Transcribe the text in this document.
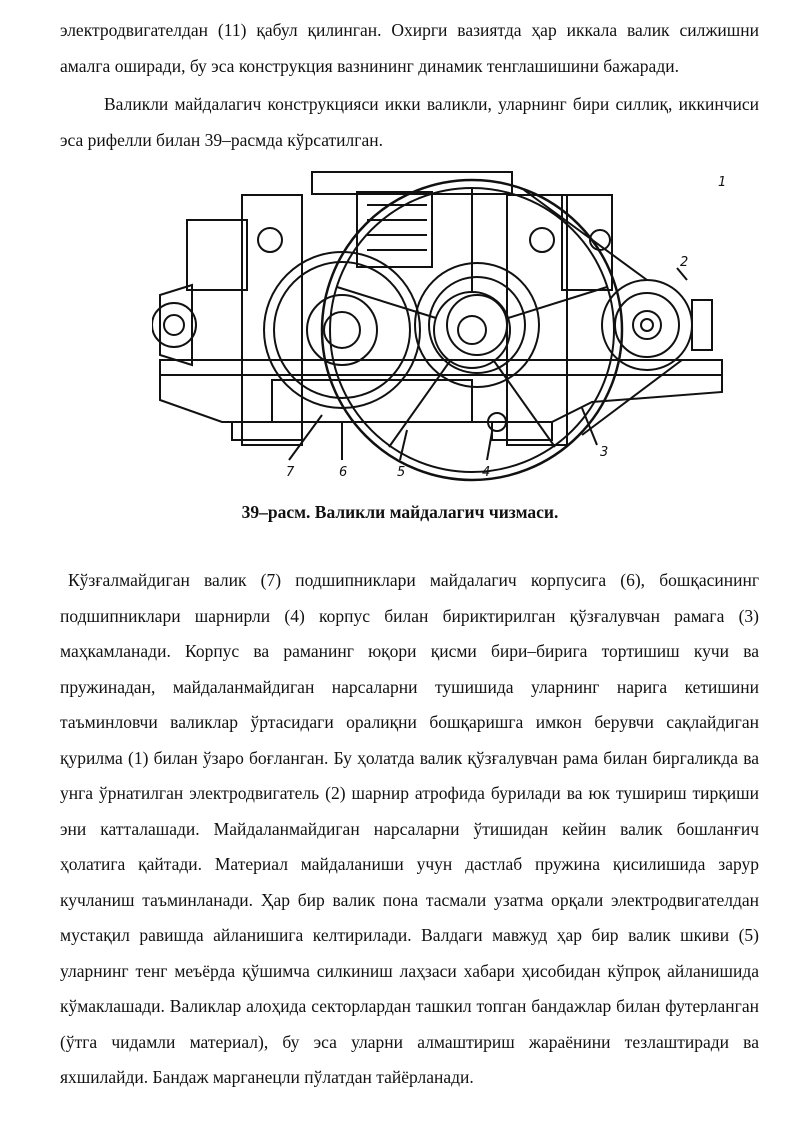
электродвигателдан (11) қабул қилинган. Охирги вазиятда ҳар иккала валик силжишни амалга оширади, бу эса конструкция вазнининг динамик тенглашишини бажаради.

Валикли майдалагич конструкцияси икки валикли, уларнинг бири силлиқ, иккинчиси эса рифелли билан 39–расмда кўрсатилган.

7	6	5	4
3
2
1
39–расм. Валикли майдалагич чизмаси.

Кўзғалмайдиган валик (7) подшипниклари майдалагич корпусига (6), бошқасининг подшипниклари шарнирли (4) корпус билан бириктирилган қўзғалувчан рамага (3) маҳкамланади. Корпус ва раманинг юқори қисми бири–бирига тортишиш кучи ва пружинадан, майдаланмайдиган нарсаларни тушишида уларнинг нарига кетишини таъминловчи валиклар ўртасидаги оралиқни бошқаришга имкон берувчи сақлайдиган қурилма (1) билан ўзаро боғланган. Бу ҳолатда валик қўзғалувчан рама билан биргаликда ва унга ўрнатилган электродвигатель (2) шарнир атрофида бурилади ва юк тушириш тирқиши эни катталашади. Майдаланмайдиган нарсаларни ўтишидан кейин валик бошланғич ҳолатига қайтади. Материал майдаланиши учун дастлаб пружина қисилишида зарур кучланиш таъминланади. Ҳар бир валик пона тасмали узатма орқали электродвигателдан мустақил равишда айланишига келтирилади. Валдаги мавжуд ҳар бир валик шкиви (5) уларнинг тенг меъёрда қўшимча силкиниш лаҳзаси хабари ҳисобидан кўпроқ айланишида кўмаклашади. Валиклар алоҳида секторлардан ташкил топган бандажлар билан футерланган (ўтга чидамли материал), бу эса уларни алмаштириш жараёнини тезлаштиради ва яхшилайди. Бандаж марганецли пўлатдан тайёрланади.
